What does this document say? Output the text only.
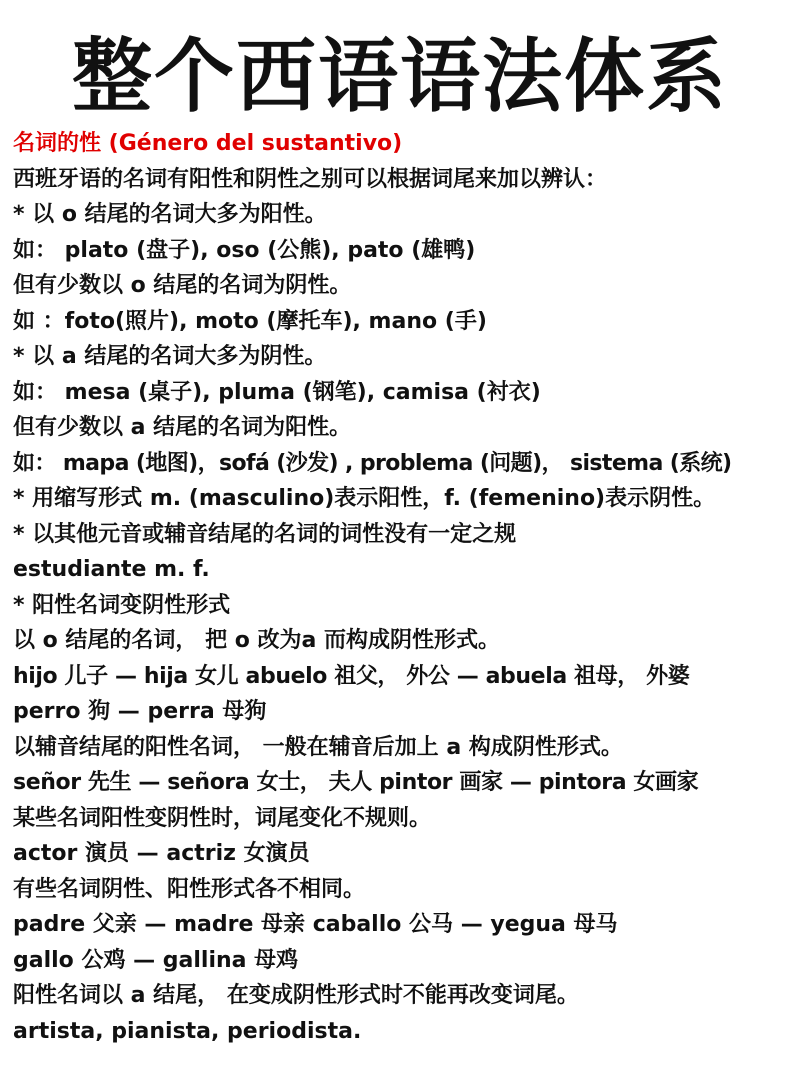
整个西语语法体系
名词的性 (Género del sustantivo)
西班牙语的名词有阳性和阴性之别可以根据词尾来加以辨认：
* 以 o 结尾的名词大多为阳性。
如： plato (盘子), oso (公熊), pato (雄鸭)
但有少数以 o 结尾的名词为阴性。
如 ：foto(照片), moto (摩托车), mano (手)
* 以 a 结尾的名词大多为阴性。
如： mesa (桌子), pluma (钢笔), camisa (衬衣)
但有少数以 a 结尾的名词为阳性。
如： mapa (地图)，sofá (沙发) , problema (问题)， sistema (系统)
* 用缩写形式 m. (masculino)表示阳性，f. (femenino)表示阴性。
* 以其他元音或辅音结尾的名词的词性没有一定之规
estudiante m. f.
* 阳性名词变阴性形式
以 o 结尾的名词， 把 o 改为a 而构成阴性形式。
hijo 儿子 — hija 女儿 abuelo 祖父， 外公 — abuela 祖母， 外婆
perro 狗 — perra 母狗
以辅音结尾的阳性名词， 一般在辅音后加上 a 构成阴性形式。
señor 先生 — señora 女士， 夫人 pintor 画家 — pintora 女画家
某些名词阳性变阴性时，词尾变化不规则。
actor 演员 — actriz 女演员
有些名词阴性、阳性形式各不相同。
padre 父亲 — madre 母亲 caballo 公马 — yegua 母马
gallo 公鸡 — gallina 母鸡
阳性名词以 a 结尾， 在变成阴性形式时不能再改变词尾。
artista, pianista, periodista.
